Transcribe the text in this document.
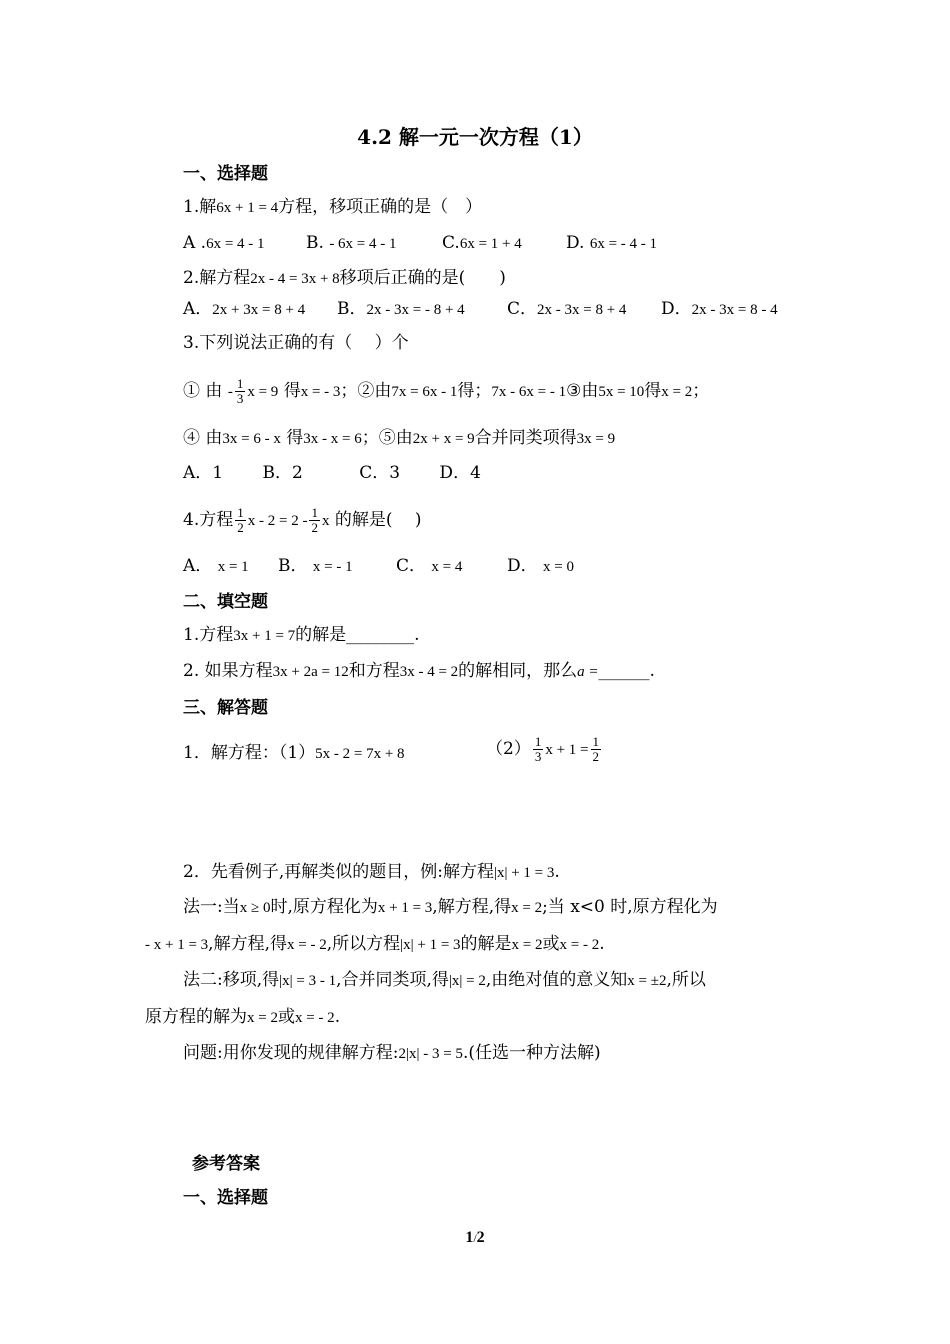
4.2 解一元一次方程（1）
一、选择题
1.解6x + 1 = 4方程，移项正确的是（　）
A .6x = 4 - 1 B. - 6x = 4 - 1	C.6x = 1 + 4	D. 6x = - 4 - 1
2.解方程2x - 4 = 3x + 8移项后正确的是(　　)
A．2x + 3x = 8 + 4 B．2x - 3x = - 8 + 4 C．2x - 3x = 8 + 4 D．2x - 3x = 8 - 4
3.下列说法正确的有（　 ）个
① 由 - $\frac{1}{3}$ x = 9 得x = - 3；②由7x = 6x - 1得；7x - 6x = - 1③由5x = 10得x = 2；
④ 由3x = 6 - x 得3x - x = 6；⑤由2x + x = 9合并同类项得3x = 9
A．1　　 B．2　　　 C．3　　 D．4
4.方程 $\frac{1}{2}$ $x - 2 = 2 - \frac{1}{2}$ x 的解是(　 )
A． x = 1 B． x = - 1	C． x = 4	D． x = 0
二、填空题
1.方程3x + 1 = 7的解是________.
2. 如果方程3x + 2a = 12和方程3x - 4 = 2的解相同，那么a =______.
三、解答题
1．解方程：（1）5x - 2 = 7x + 8	$(2) \frac{1}{3}$ $x + 1 = \frac{1}{2}$
2．先看例子,再解类似的题目，例:解方程|x| + 1 = 3.
法一:当x ≥ 0时,原方程化为x + 1 = 3,解方程,得x = 2;当 x<0 时,原方程化为
- x + 1 = 3,解方程,得x = - 2,所以方程|x| + 1 = 3的解是x = 2或x = - 2.
法二:移项,得|x| = 3 - 1,合并同类项,得|x| = 2,由绝对值的意义知x = ±2,所以
原方程的解为x = 2或x = - 2.
问题:用你发现的规律解方程:2|x| - 3 = 5.(任选一种方法解)
参考答案
一、选择题
1/2
